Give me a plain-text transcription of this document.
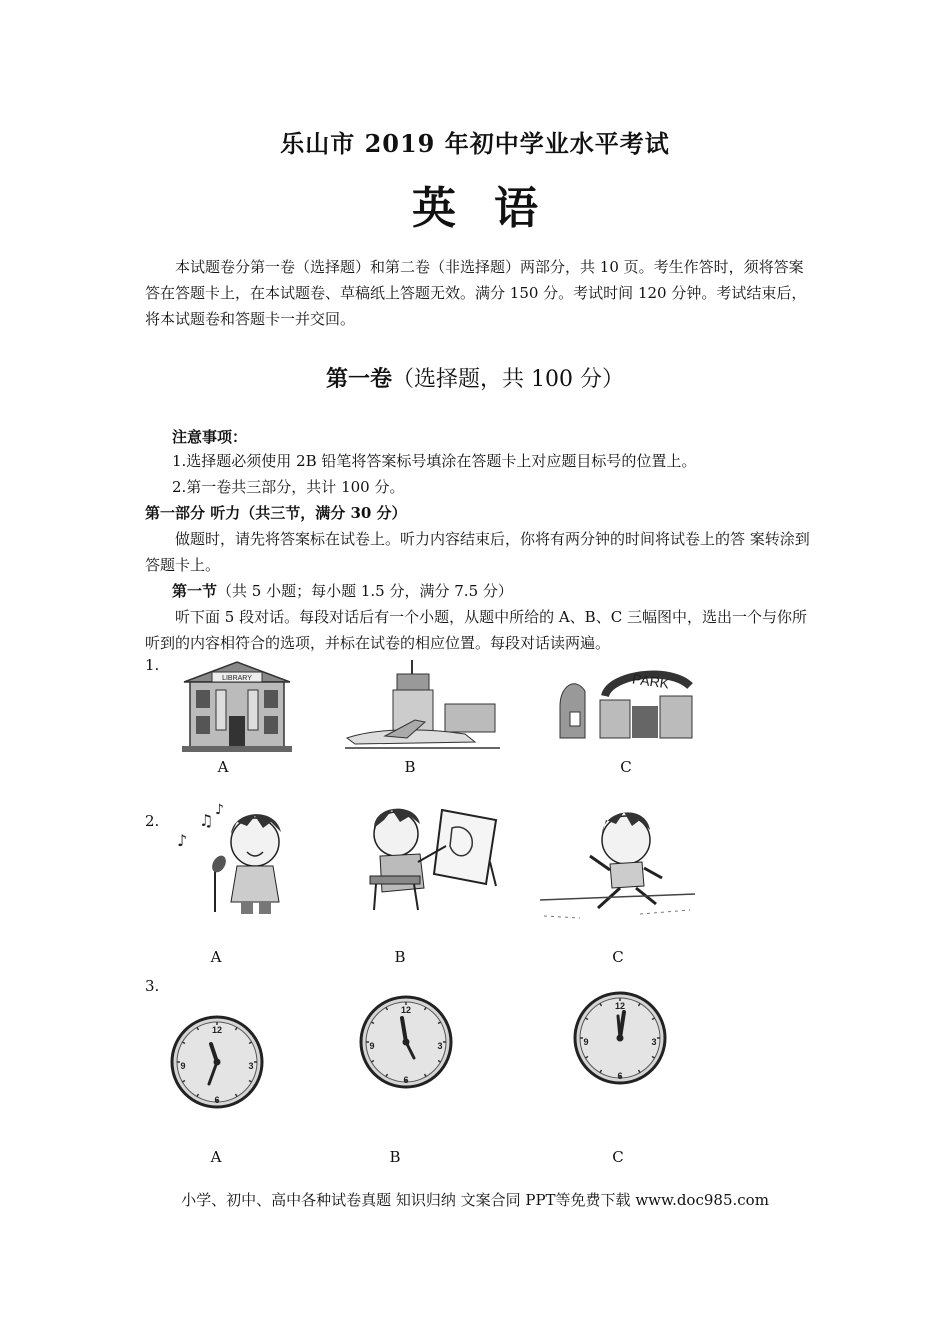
乐山市 2019 年初中学业水平考试
英语
本试题卷分第一卷（选择题）和第二卷（非选择题）两部分，共 10 页。考生作答时，须将答案答在答题卡上，在本试题卷、草稿纸上答题无效。满分 150 分。考试时间 120 分钟。考试结束后，将本试题卷和答题卡一并交回。
第一卷（选择题，共 100 分）
注意事项：
1.选择题必须使用 2B 铅笔将答案标号填涂在答题卡上对应题目标号的位置上。
2.第一卷共三部分，共计 100 分。
第一部分 听力（共三节，满分 30 分）
做题时，请先将答案标在试卷上。听力内容结束后，你将有两分钟的时间将试卷上的答 案转涂到答题卡上。
第一节（共 5 小题；每小题 1.5 分，满分 7.5 分）
听下面 5 段对话。每段对话后有一个小题，从题中所给的 A、B、C 三幅图中，选出一个与你所听到的内容相符合的选项，并标在试卷的相应位置。每段对话读两遍。
1.
LIBRARY	PARK
A	B	C
2.
♪
♫
♪
A	B	C
3.
12
3
6
9
12
3
6
9
12
3
6
9
A	B	C
小学、初中、高中各种试卷真题 知识归纳 文案合同 PPT等免费下载 www.doc985.com
